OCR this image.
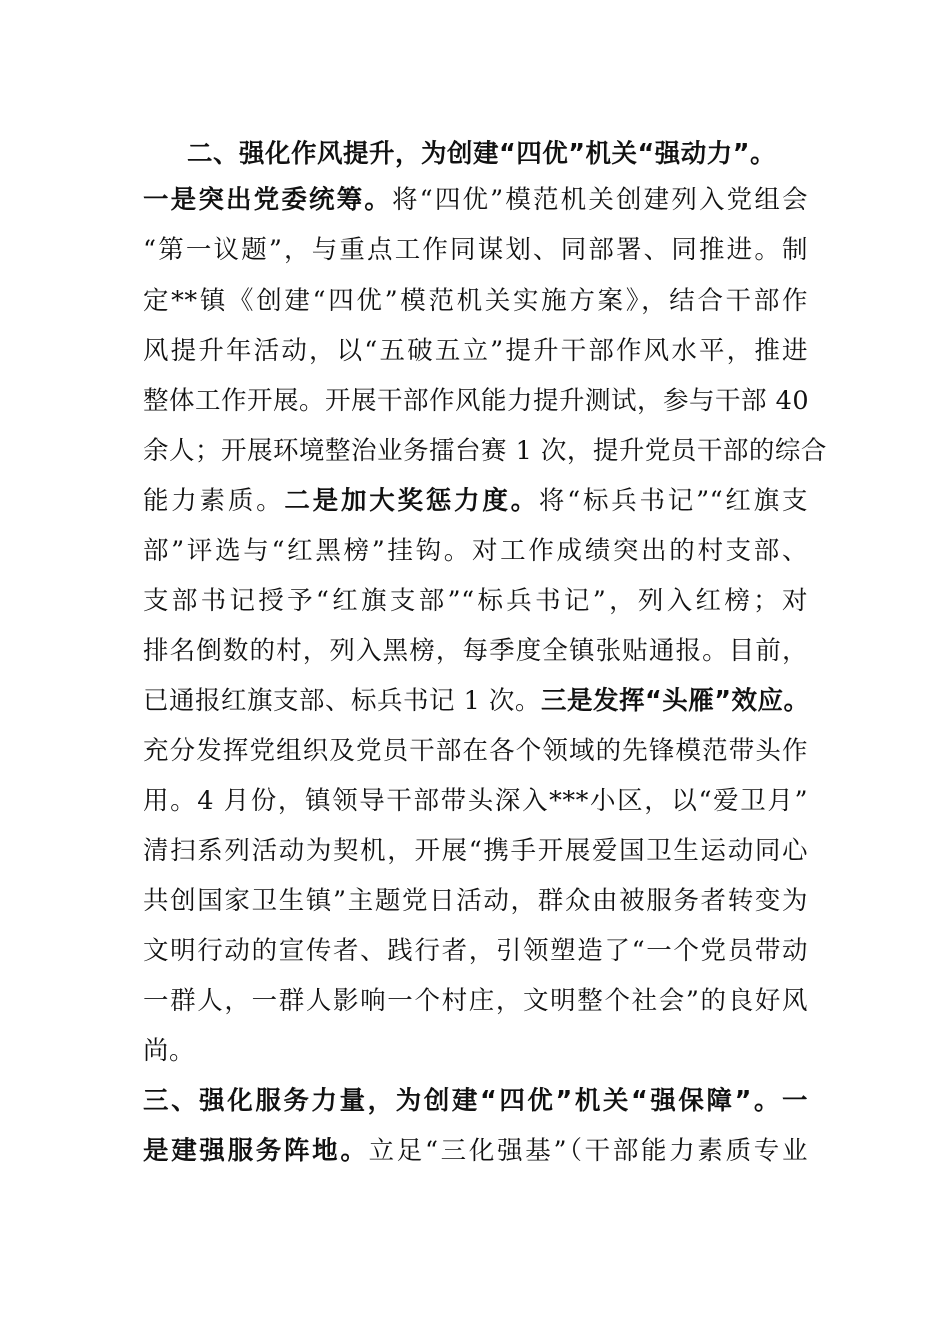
二、强化作风提升，为创建“四优”机关“强动力”。
一是突出党委统筹。将“四优”模范机关创建列入党组会
“第一议题”，与重点工作同谋划、同部署、同推进。制
定**镇《创建“四优”模范机关实施方案》，结合干部作
风提升年活动，以“五破五立”提升干部作风水平，推进
整体工作开展。开展干部作风能力提升测试，参与干部 40
余人；开展环境整治业务擂台赛 1 次，提升党员干部的综合
能力素质。二是加大奖惩力度。将“标兵书记”“红旗支
部”评选与“红黑榜”挂钩。对工作成绩突出的村支部、
支部书记授予“红旗支部”“标兵书记”，列入红榜；对
排名倒数的村，列入黑榜，每季度全镇张贴通报。目前，
已通报红旗支部、标兵书记 1 次。三是发挥“头雁”效应。
充分发挥党组织及党员干部在各个领域的先锋模范带头作
用。4 月份，镇领导干部带头深入***小区，以“爱卫月”
清扫系列活动为契机，开展“携手开展爱国卫生运动同心
共创国家卫生镇”主题党日活动，群众由被服务者转变为
文明行动的宣传者、践行者，引领塑造了“一个党员带动
一群人，一群人影响一个村庄，文明整个社会”的良好风
尚。
三、强化服务力量，为创建“四优”机关“强保障”。一
是建强服务阵地。立足“三化强基”（干部能力素质专业
